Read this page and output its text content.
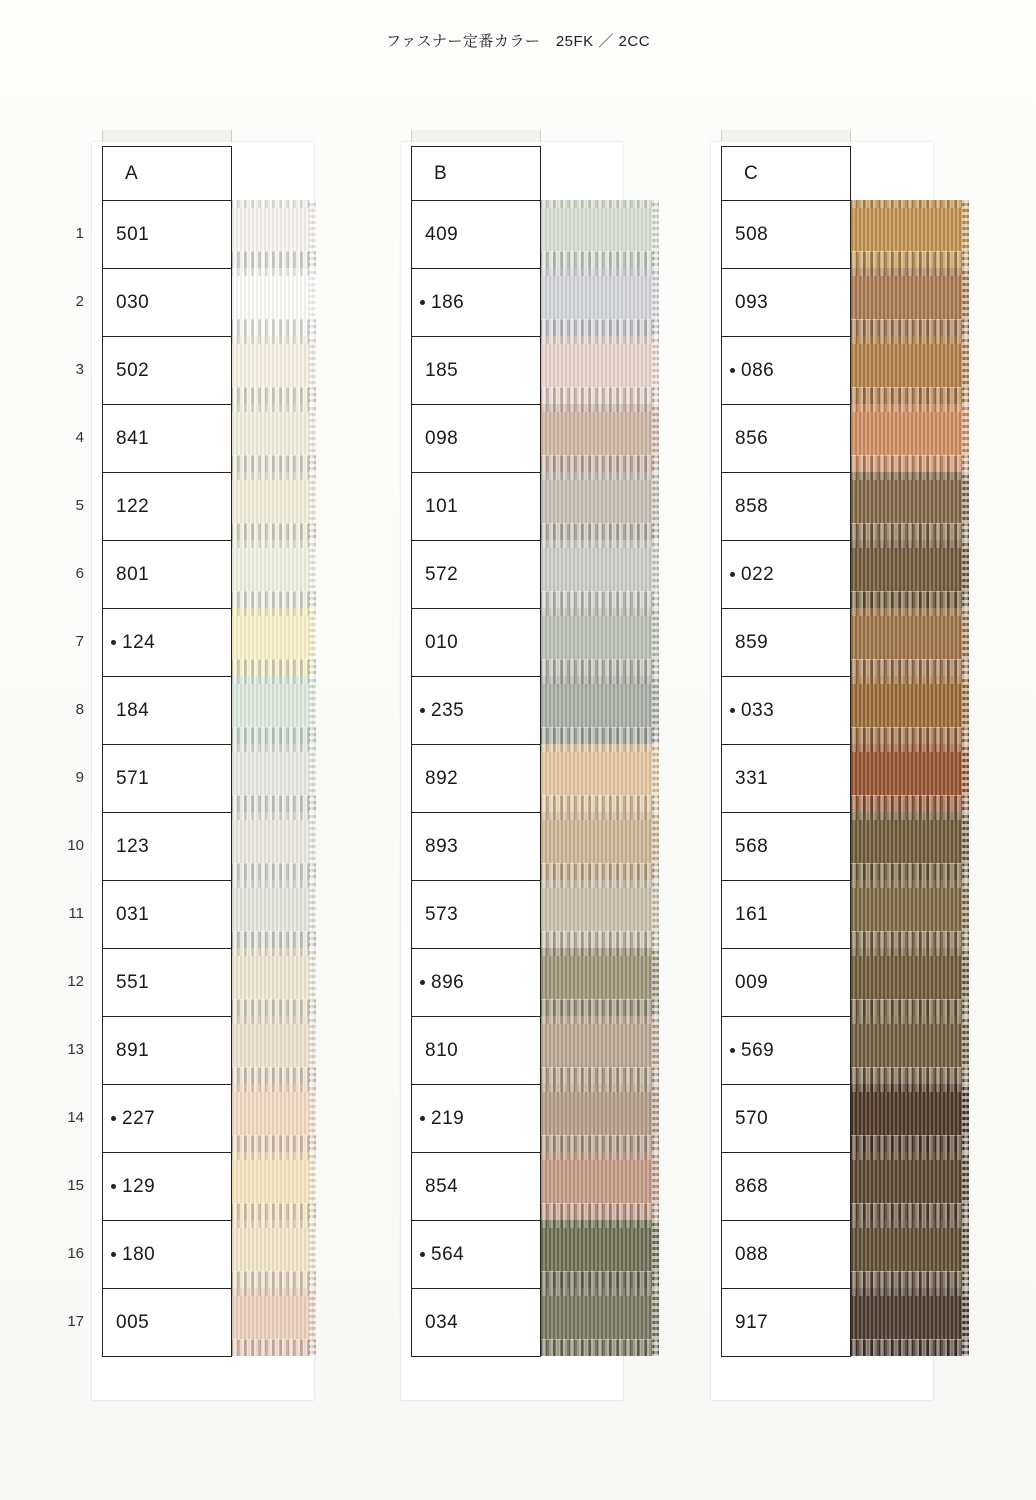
ファスナー定番カラー　25FK ／ 2CC
1
2
3
4
5
6
7
8
9
10
11
12
13
14
15
16
17
A
501
030
502
841
122
801
124
184
571
123
031
551
891
227
129
180
005
B
409
186
185
098
101
572
010
235
892
893
573
896
810
219
854
564
034
C
508
093
086
856
858
022
859
033
331
568
161
009
569
570
868
088
917
